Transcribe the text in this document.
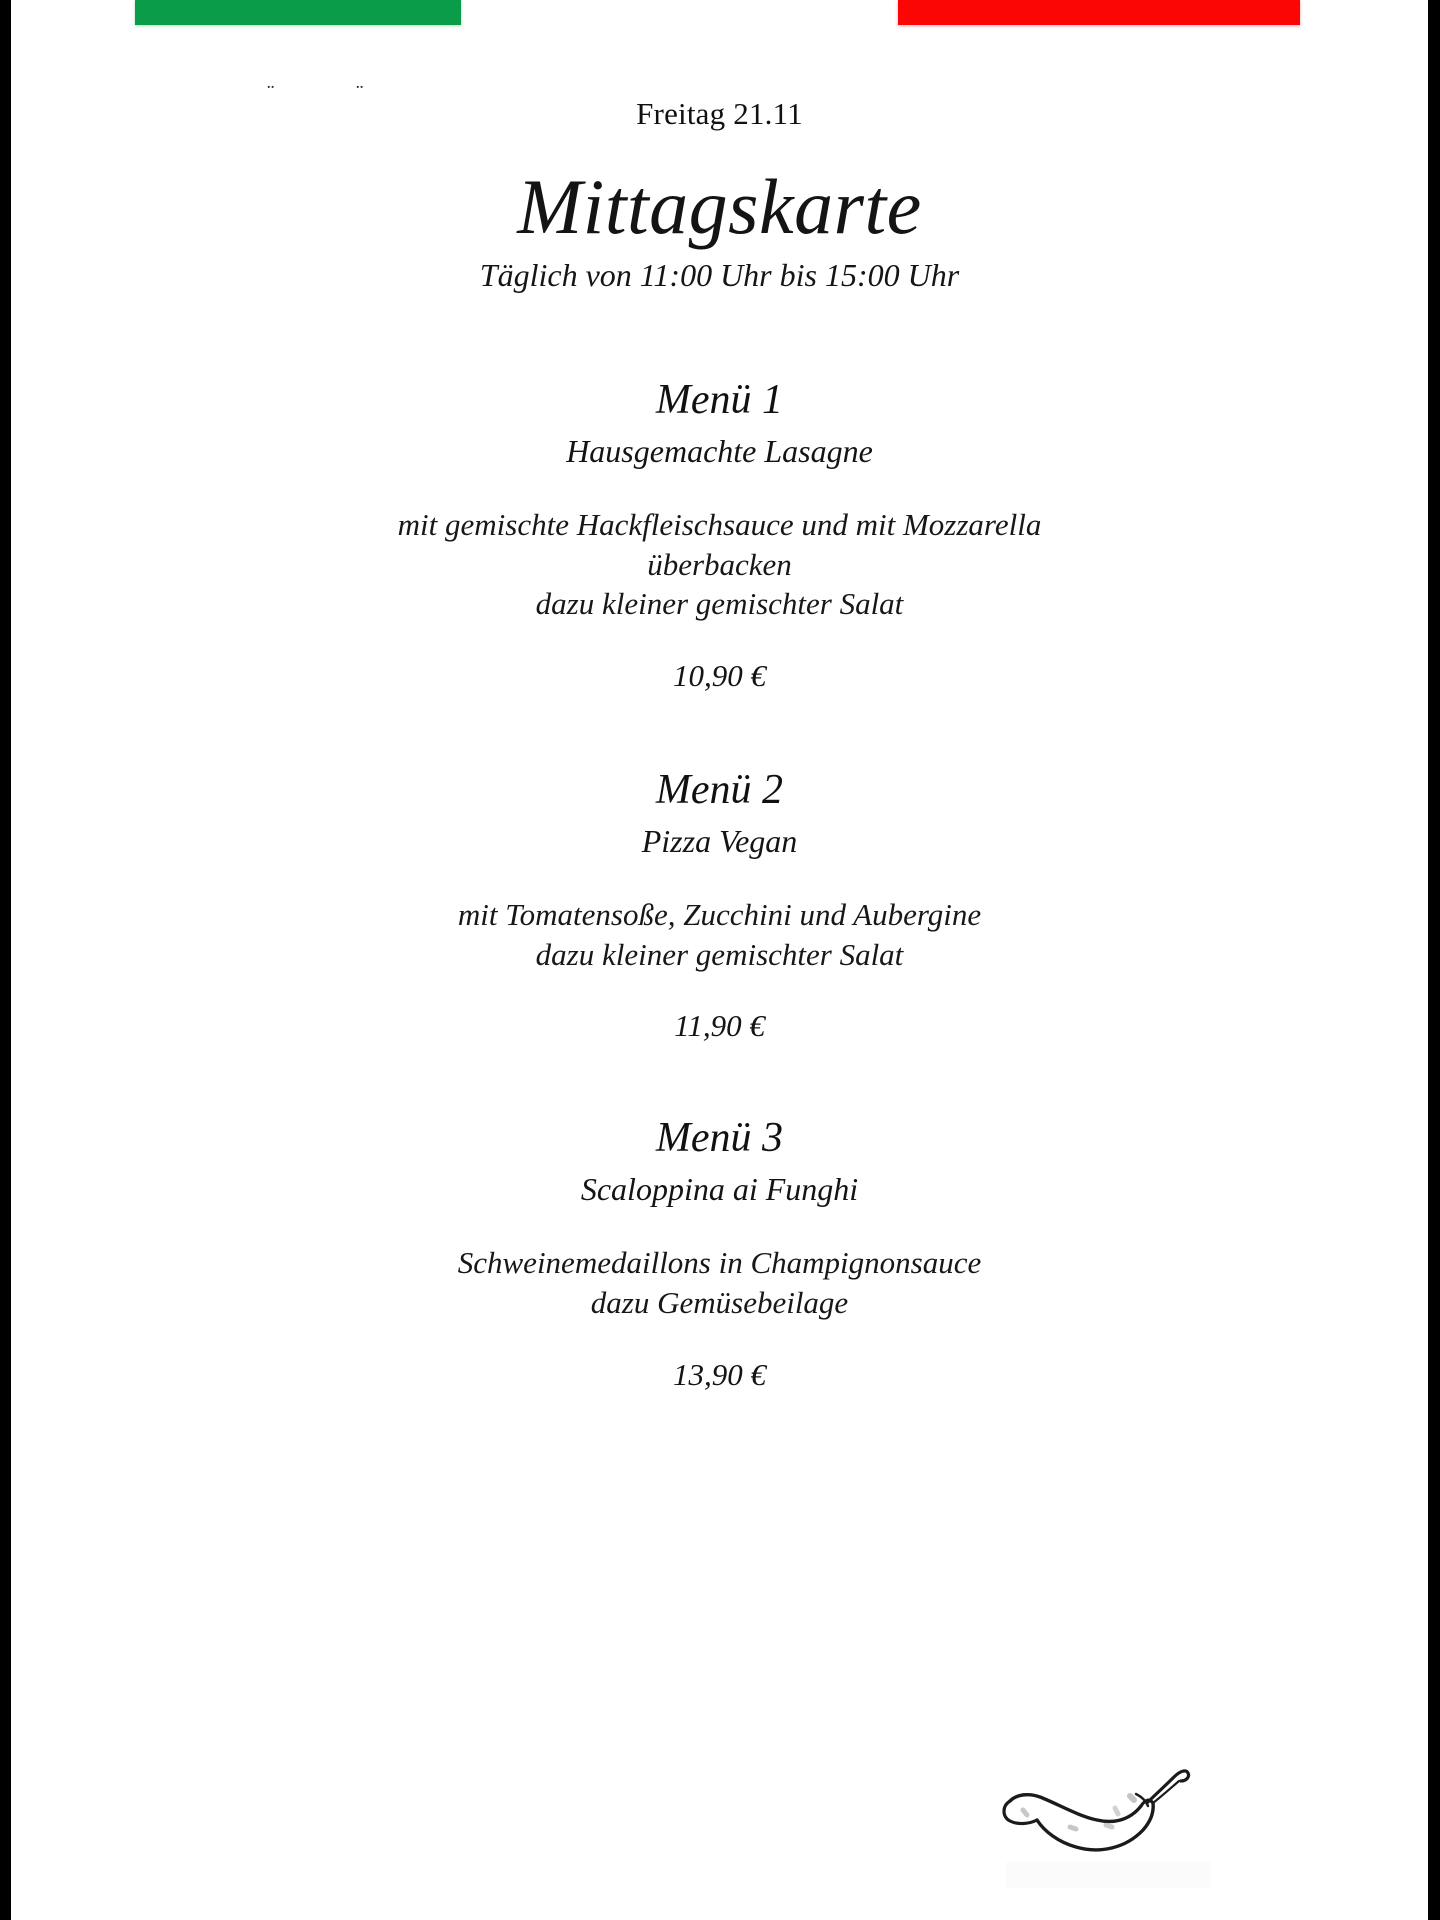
¨	¨
Freitag 21.11
Mittagskarte
Täglich von 11:00 Uhr bis 15:00 Uhr
Menü 1
Hausgemachte Lasagne
mit gemischte Hackfleischsauce und mit Mozzarella
überbacken
dazu kleiner gemischter Salat
10,90 €
Menü 2
Pizza Vegan
mit Tomatensoße, Zucchini und Aubergine
dazu kleiner gemischter Salat
11,90 €
Menü 3
Scaloppina ai Funghi
Schweinemedaillons in Champignonsauce
dazu Gemüsebeilage
13,90 €
